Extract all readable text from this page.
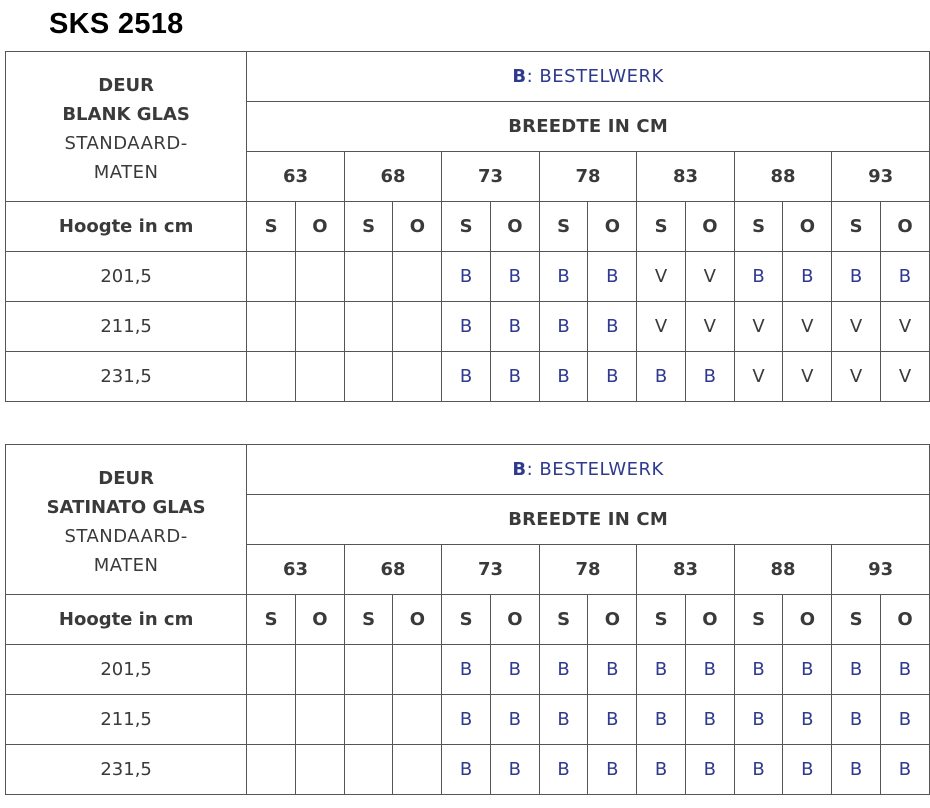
SKS 2518
DEUR
BLANK GLAS
STANDAARD-
MATEN	B: BESTELWERK													
	BREEDTE IN CM													
	63		68		73		78		83		88		93	
Hoogte in cm	S	O	S	O	S	O	S	O	S	O	S	O	S	O
201,5					B	B	B	B	V	V	B	B	B	B
211,5					B	B	B	B	V	V	V	V	V	V
231,5					B	B	B	B	B	B	V	V	V	V
DEUR
SATINATO GLAS
STANDAARD-
MATEN	B: BESTELWERK													
	BREEDTE IN CM													
	63		68		73		78		83		88		93	
Hoogte in cm	S	O	S	O	S	O	S	O	S	O	S	O	S	O
201,5					B	B	B	B	B	B	B	B	B	B
211,5					B	B	B	B	B	B	B	B	B	B
231,5					B	B	B	B	B	B	B	B	B	B
